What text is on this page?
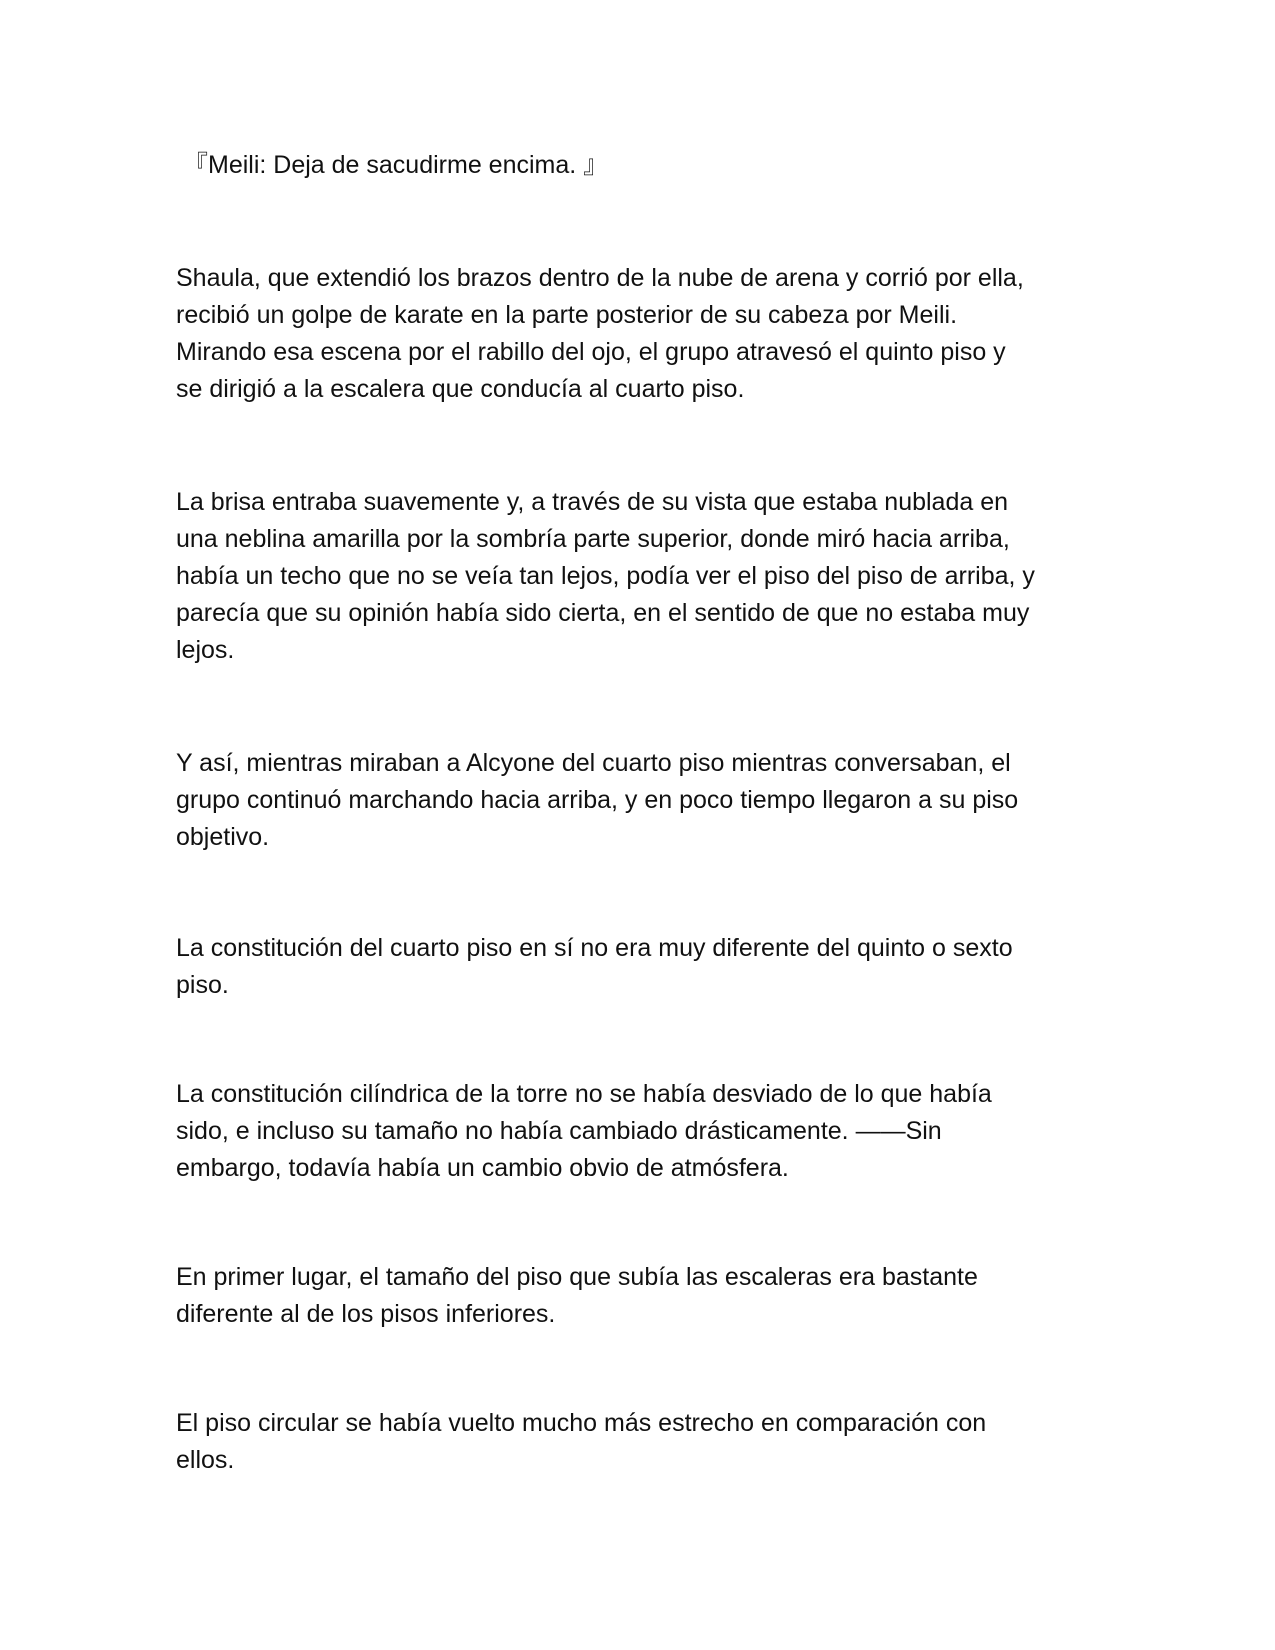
『Meili: Deja de sacudirme encima. 』

Shaula, que extendió los brazos dentro de la nube de arena y corrió por ella,
recibió un golpe de karate en la parte posterior de su cabeza por Meili.
Mirando esa escena por el rabillo del ojo, el grupo atravesó el quinto piso y
se dirigió a la escalera que conducía al cuarto piso.

La brisa entraba suavemente y, a través de su vista que estaba nublada en
una neblina amarilla por la sombría parte superior, donde miró hacia arriba,
había un techo que no se veía tan lejos, podía ver el piso del piso de arriba, y
parecía que su opinión había sido cierta, en el sentido de que no estaba muy
lejos.

Y así, mientras miraban a Alcyone del cuarto piso mientras conversaban, el
grupo continuó marchando hacia arriba, y en poco tiempo llegaron a su piso
objetivo.

La constitución del cuarto piso en sí no era muy diferente del quinto o sexto
piso.

La constitución cilíndrica de la torre no se había desviado de lo que había
sido, e incluso su tamaño no había cambiado drásticamente. ——Sin
embargo, todavía había un cambio obvio de atmósfera.

En primer lugar, el tamaño del piso que subía las escaleras era bastante
diferente al de los pisos inferiores.

El piso circular se había vuelto mucho más estrecho en comparación con
ellos.
